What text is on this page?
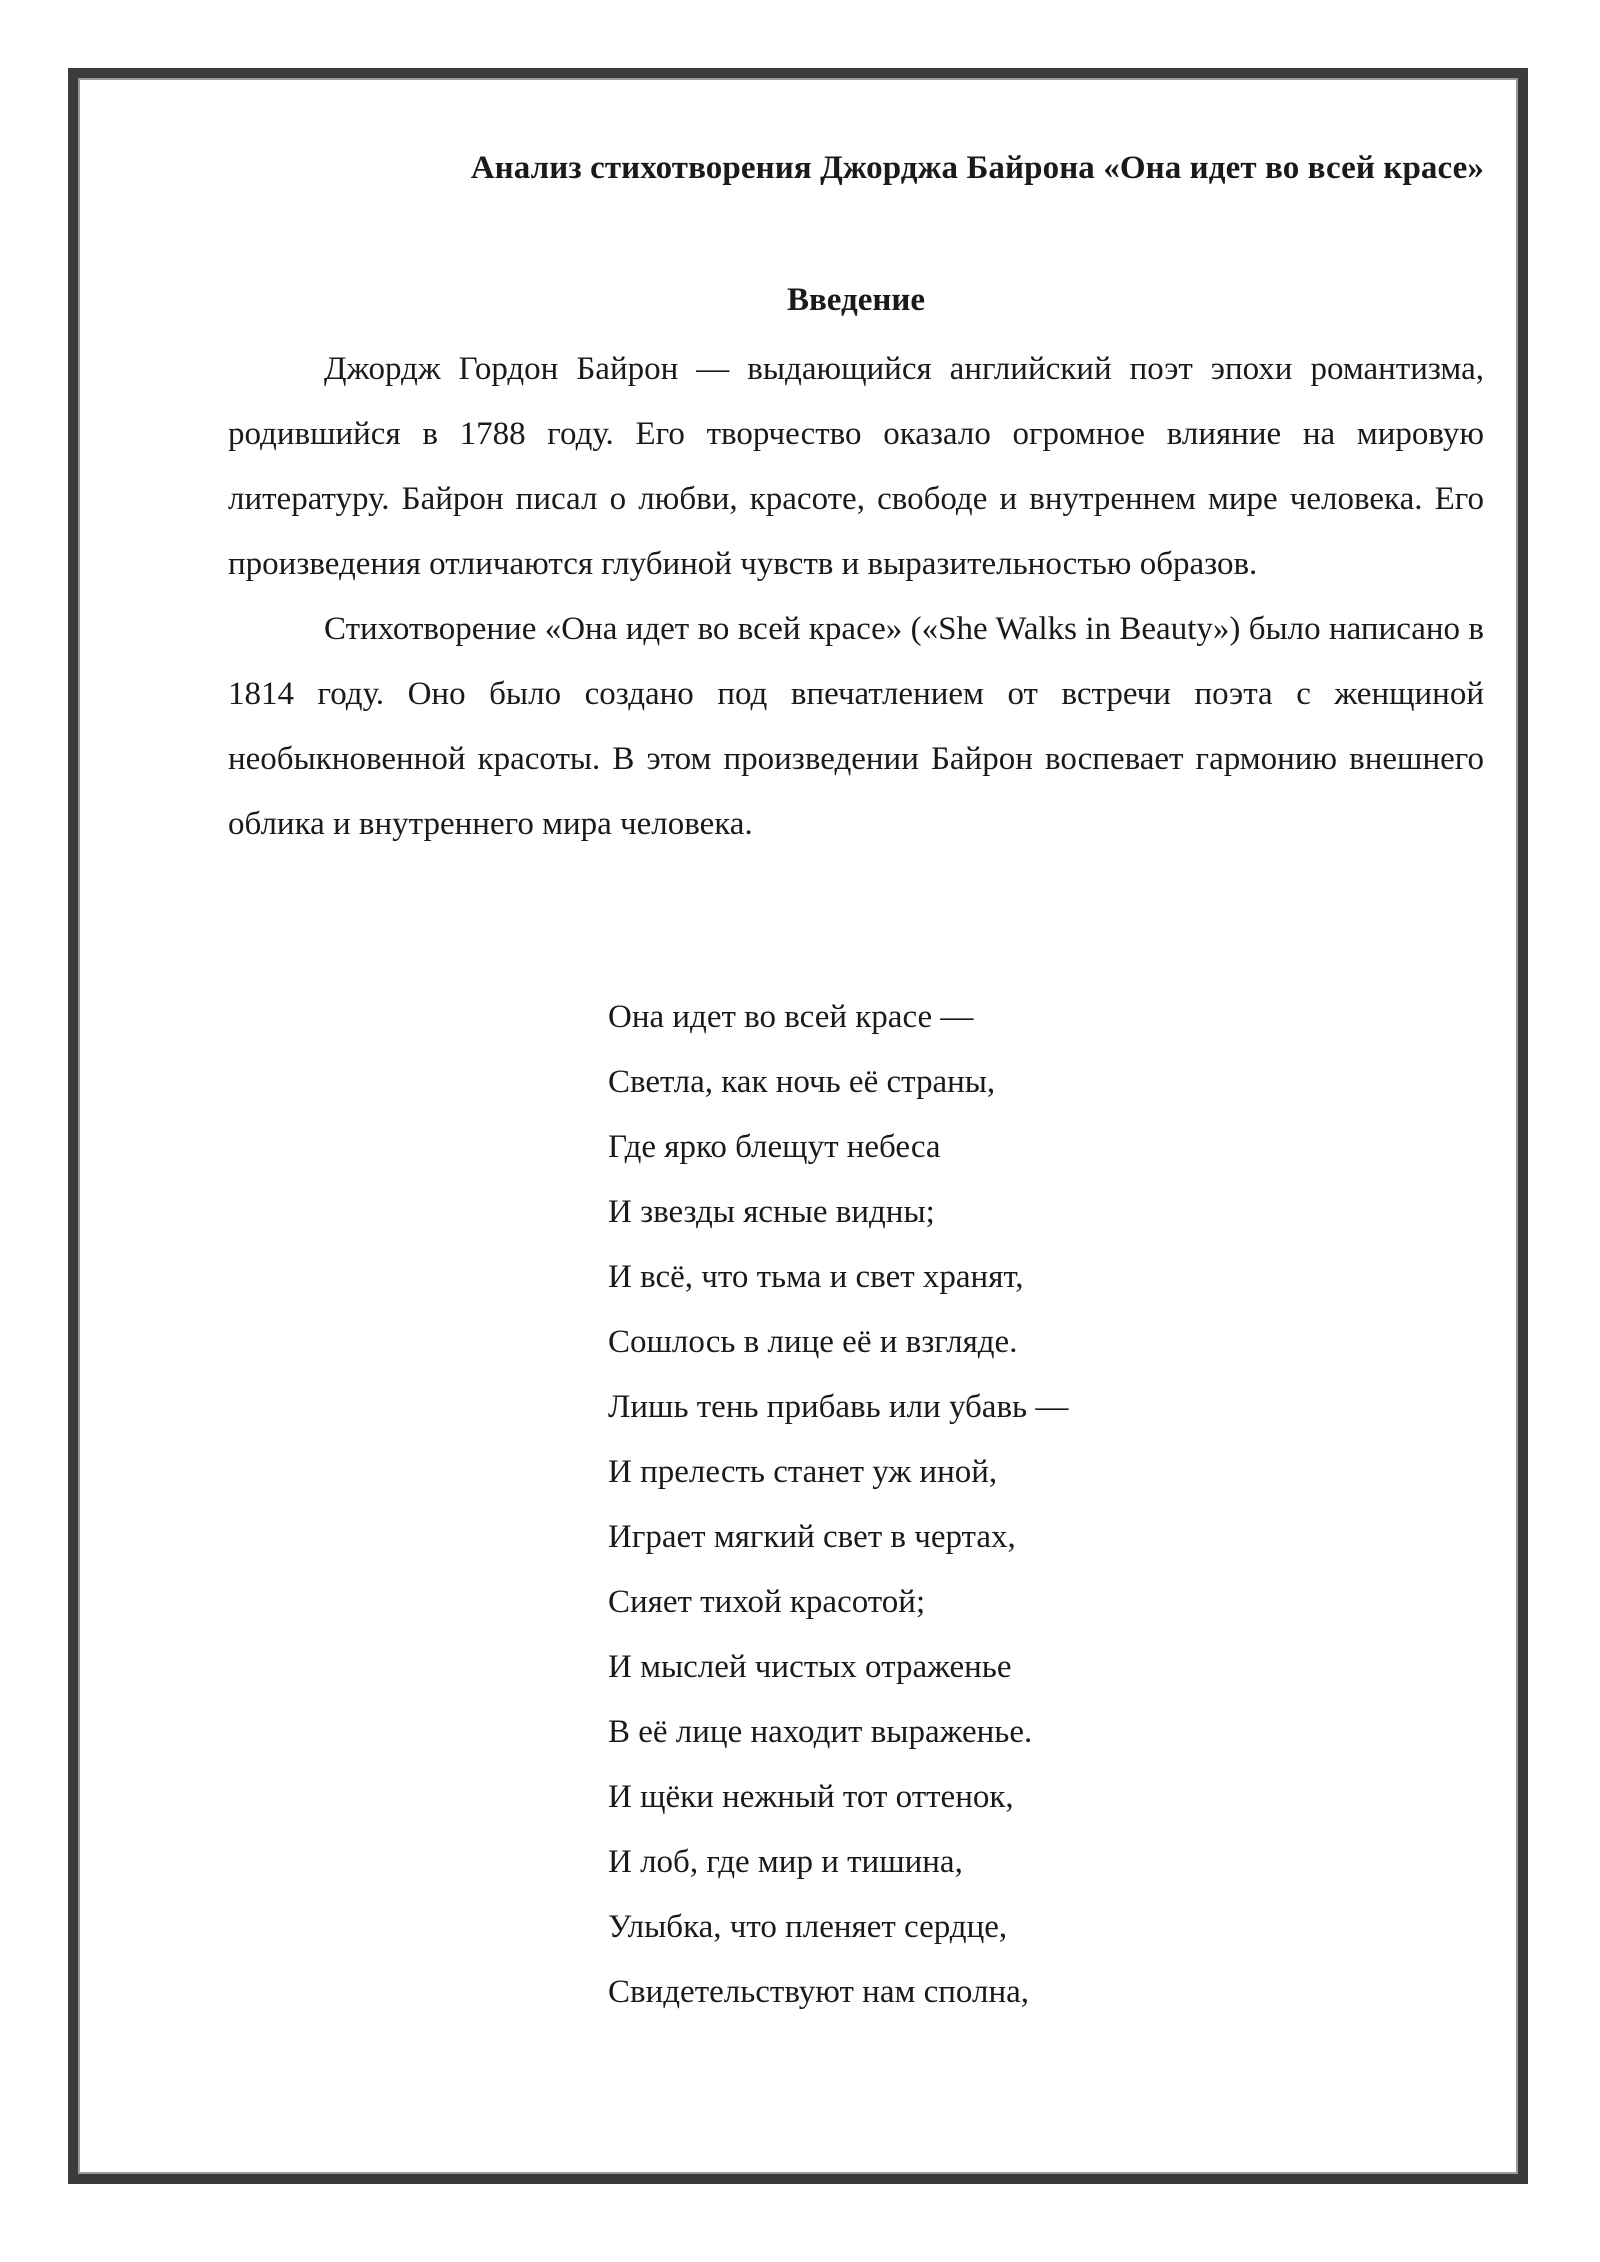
Анализ стихотворения Джорджа Байрона «Она идет во всей красе»
Введение

Джордж Гордон Байрон — выдающийся английский поэт эпохи романтизма, родившийся в 1788 году. Его творчество оказало огромное влияние на мировую литературу. Байрон писал о любви, красоте, свободе и внутреннем мире человека. Его произведения отличаются глубиной чувств и выразительностью образов.

Стихотворение «Она идет во всей красе» («She Walks in Beauty») было написано в 1814 году. Оно было создано под впечатлением от встречи поэта с женщиной необыкновенной красоты. В этом произведении Байрон воспевает гармонию внешнего облика и внутреннего мира человека.

Она идет во всей красе —
Светла, как ночь её страны,
Где ярко блещут небеса
И звезды ясные видны;
И всё, что тьма и свет хранят,
Сошлось в лице её и взгляде.
Лишь тень прибавь или убавь —
И прелесть станет уж иной,
Играет мягкий свет в чертах,
Сияет тихой красотой;
И мыслей чистых отраженье
В её лице находит выраженье.
И щёки нежный тот оттенок,
И лоб, где мир и тишина,
Улыбка, что пленяет сердце,
Свидетельствуют нам сполна,
